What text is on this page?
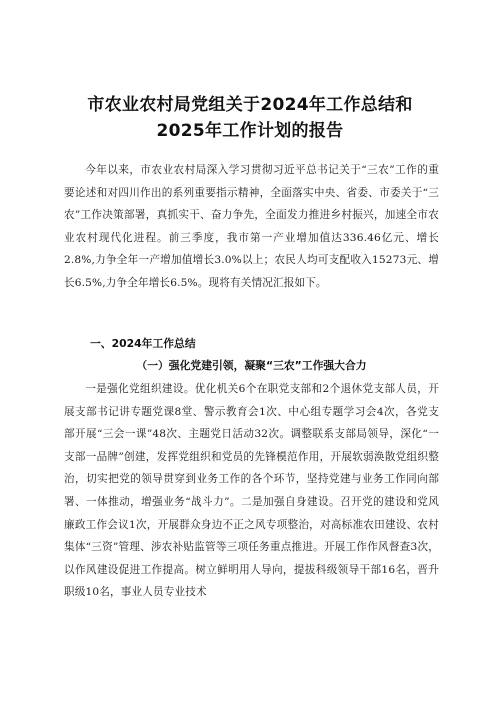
市农业农村局党组关于2024年工作总结和
2025年工作计划的报告
今年以来，市农业农村局深入学习贯彻习近平总书记关于“三农”工作的重要论述和对四川作出的系列重要指示精神，全面落实中央、省委、市委关于“三农”工作决策部署，真抓实干、奋力争先，全面发力推进乡村振兴，加速全市农业农村现代化进程。前三季度，我市第一产业增加值达336.46亿元、增长2.8%,力争全年一产增加值增长3.0%以上；农民人均可支配收入15273元、增长6.5%,力争全年增长6.5%。现将有关情况汇报如下。
一、2024年工作总结
（一）强化党建引领，凝聚“三农”工作强大合力
一是强化党组织建设。优化机关6个在职党支部和2个退休党支部人员，开展支部书记讲专题党课8堂、警示教育会1次、中心组专题学习会4次，各党支部开展“三会一课”48次、主题党日活动32次。调整联系支部局领导，深化“一支部一品牌”创建，发挥党组织和党员的先锋模范作用，开展软弱涣散党组织整治，切实把党的领导贯穿到业务工作的各个环节，坚持党建与业务工作同向部署、一体推动，增强业务“战斗力”。二是加强自身建设。召开党的建设和党风廉政工作会议1次，开展群众身边不正之风专项整治，对高标准农田建设、农村集体“三资”管理、涉农补贴监管等三项任务重点推进。开展工作作风督查3次，以作风建设促进工作提高。树立鲜明用人导向，提拔科级领导干部16名，晋升职级10名，事业人员专业技术
